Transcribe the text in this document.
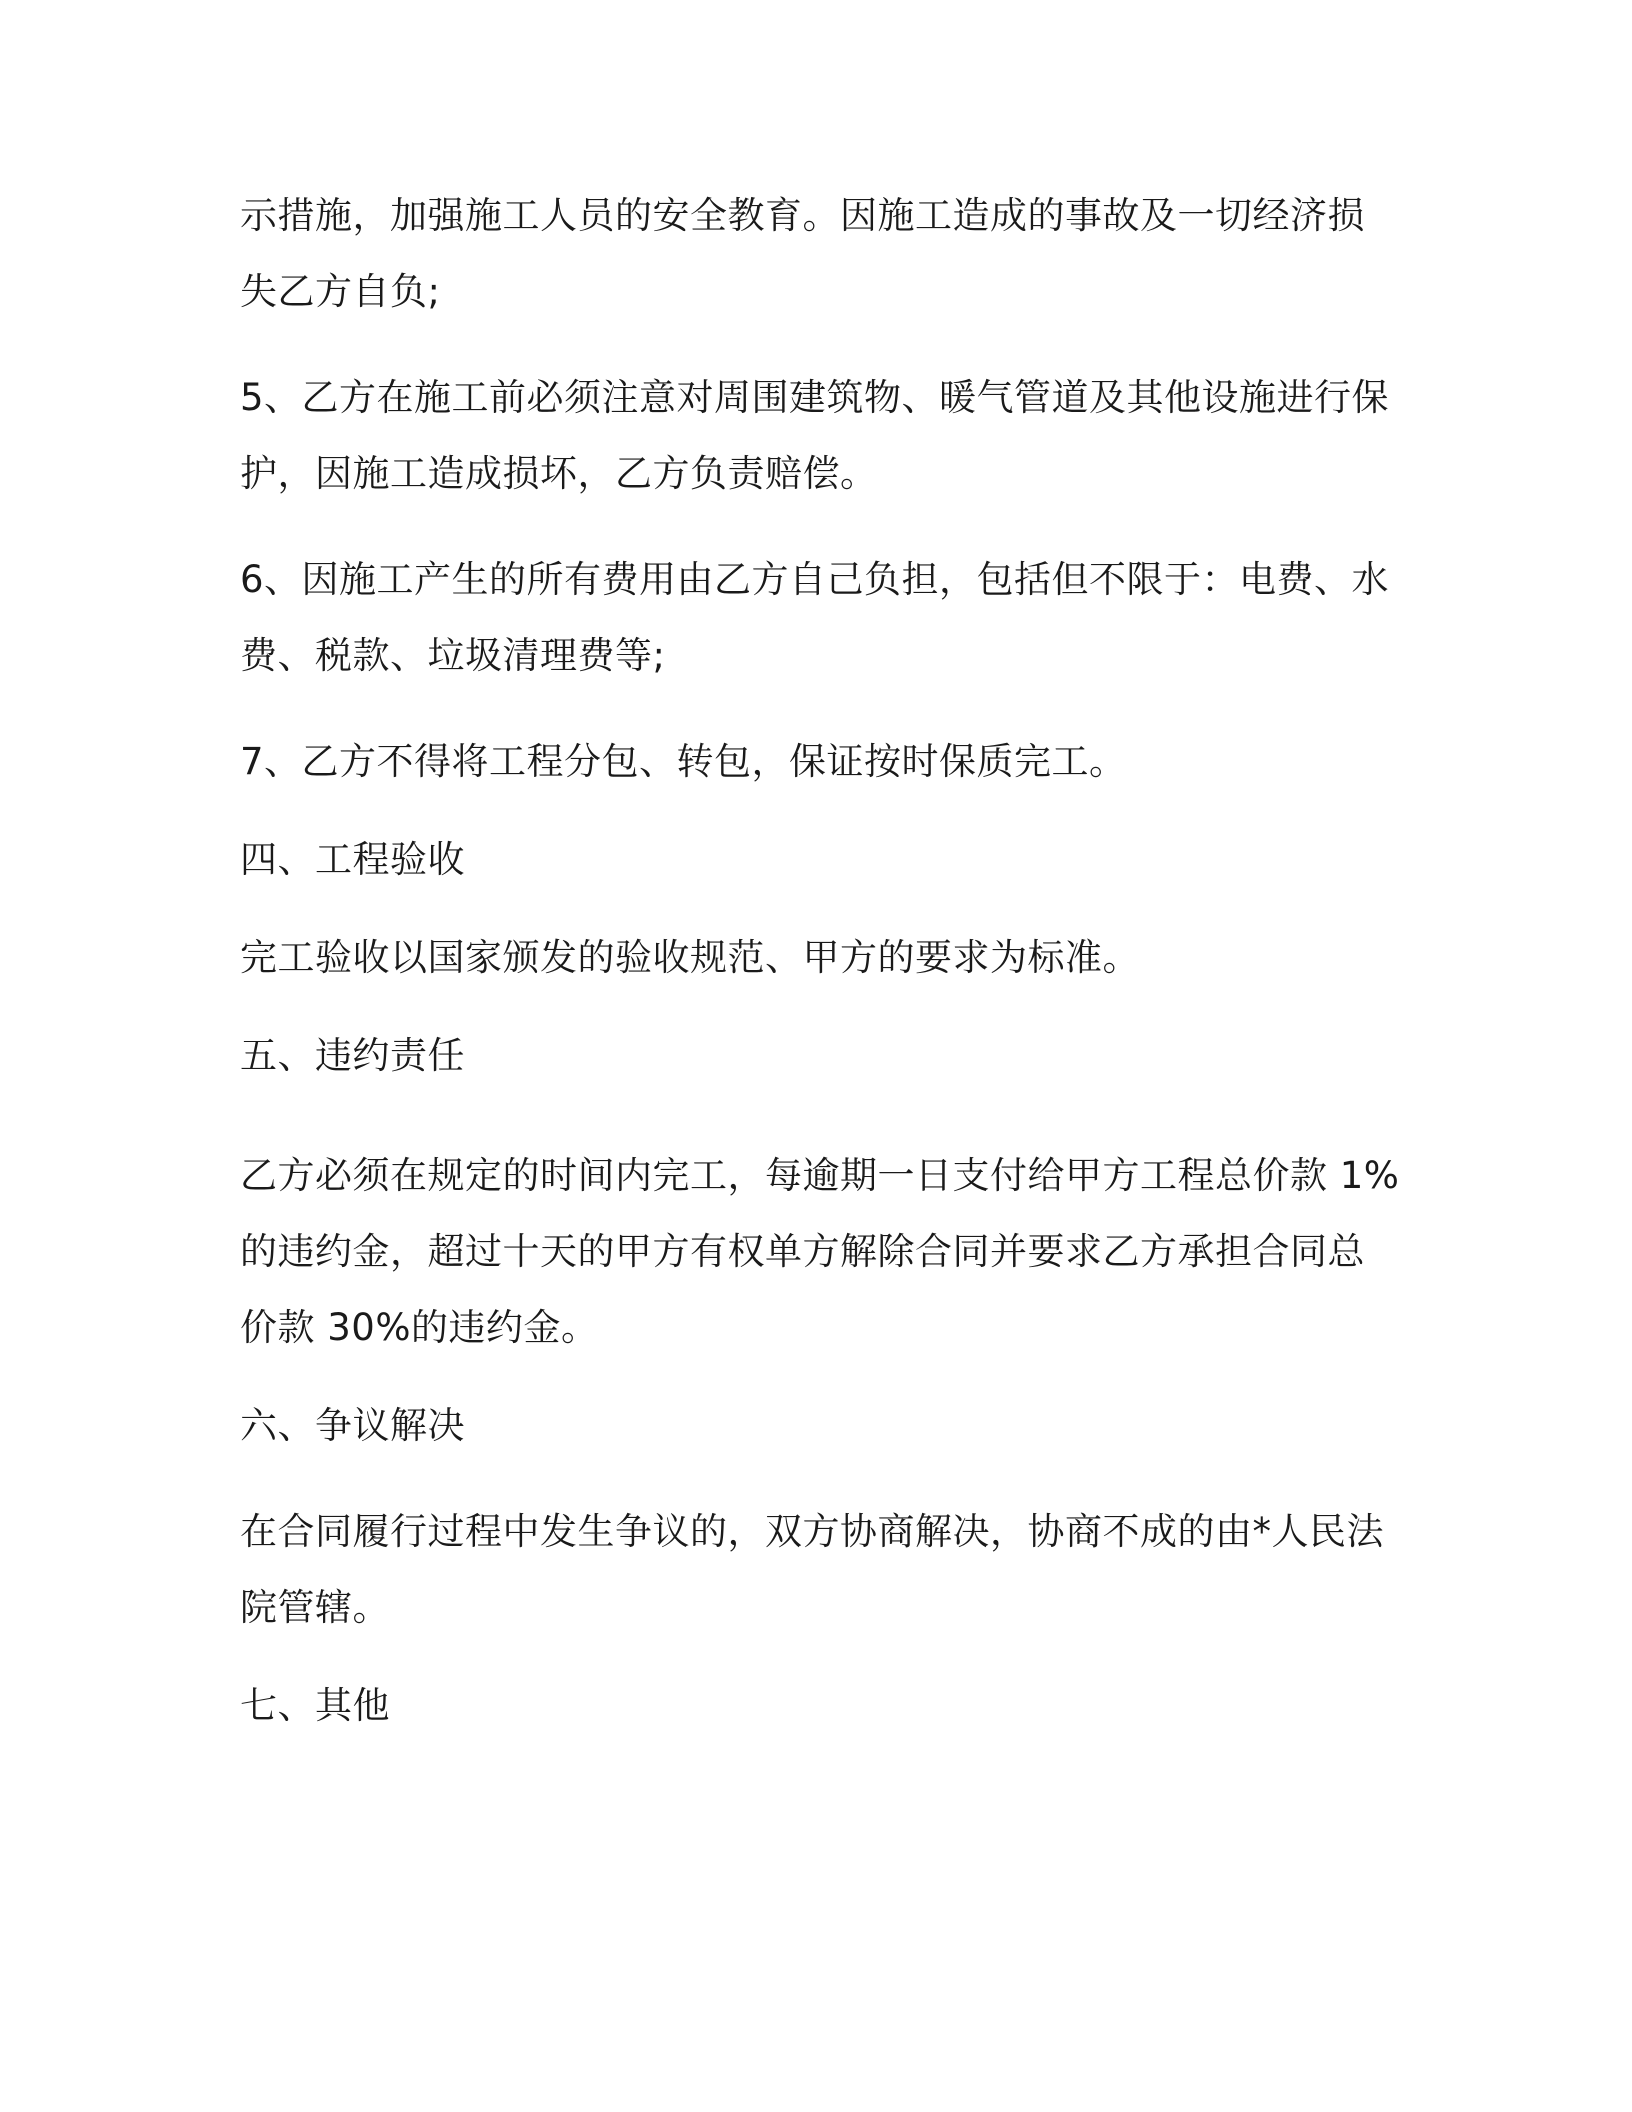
示措施，加强施工人员的安全教育。因施工造成的事故及一切经济损
失乙方自负;
5、乙方在施工前必须注意对周围建筑物、暖气管道及其他设施进行保
护，因施工造成损坏，乙方负责赔偿。
6、因施工产生的所有费用由乙方自己负担，包括但不限于：电费、水
费、税款、垃圾清理费等;
7、乙方不得将工程分包、转包，保证按时保质完工。
四、工程验收
完工验收以国家颁发的验收规范、甲方的要求为标准。
五、违约责任
乙方必须在规定的时间内完工，每逾期一日支付给甲方工程总价款 1%
的违约金，超过十天的甲方有权单方解除合同并要求乙方承担合同总
价款 30%的违约金。
六、争议解决
在合同履行过程中发生争议的，双方协商解决，协商不成的由*人民法
院管辖。
七、其他
